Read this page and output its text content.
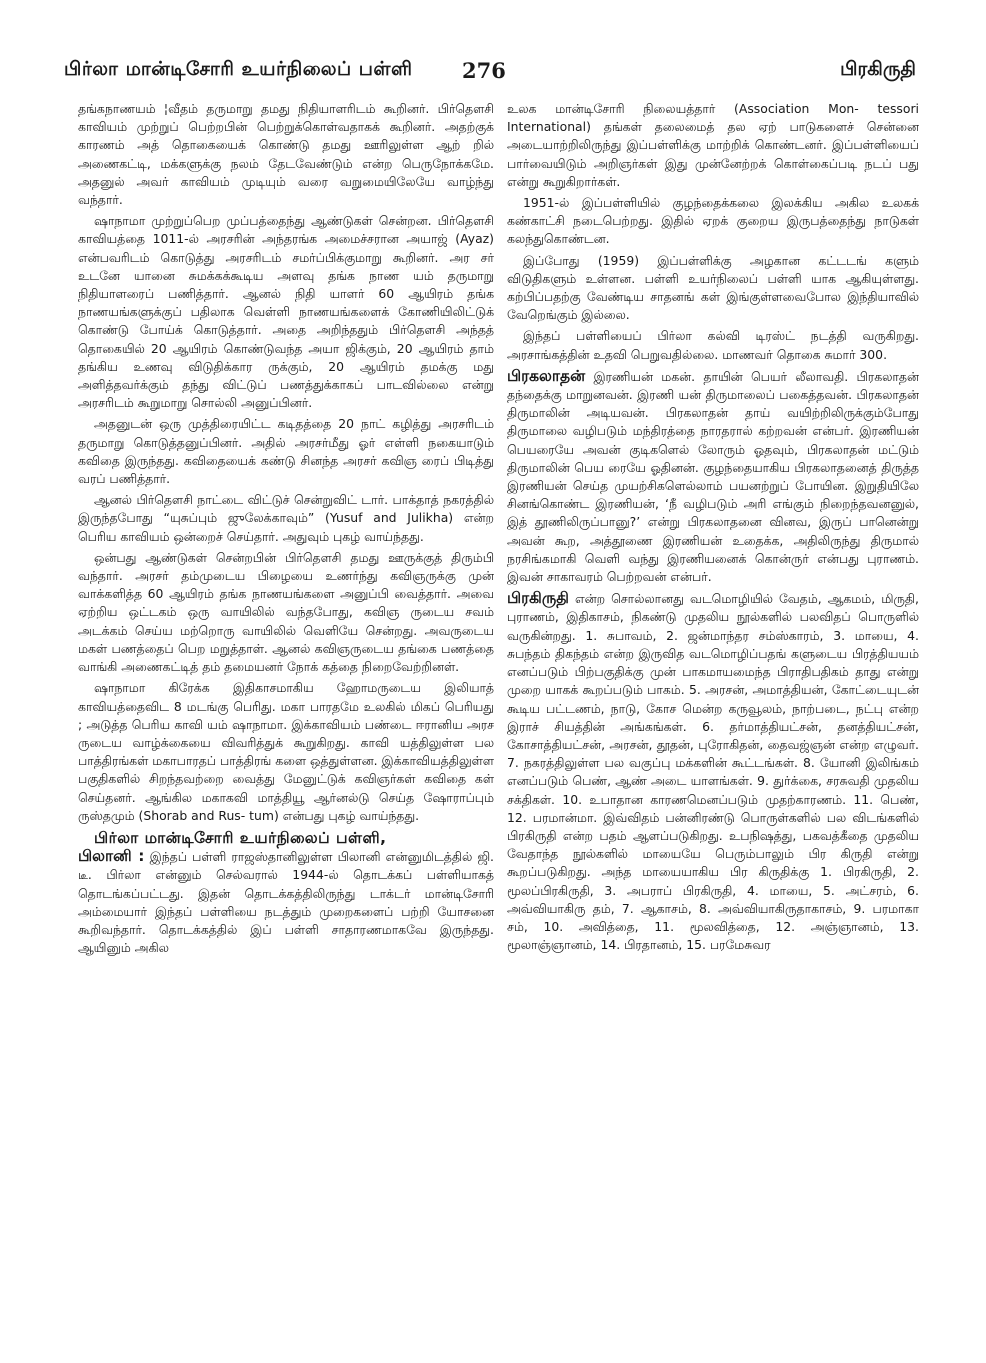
பிர்லா மான்டிசோரி உயர்நிலைப் பள்ளி 276	பிரகிருதி

தங்கநாணயம் ¦வீதம் தருமாறு தமது நிதியாளரிடம் கூறினர். பிர்தௌசி காவியம் முற்றுப் பெற்றபின் பெற்றுக்கொள்வதாகக் கூறினர். அதற்குக் காரணம் அத் தொகையைக் கொண்டு தமது ஊரிலுள்ள ஆற் றில் அணைகட்டி, மக்களுக்கு நலம் தேடவேண்டும் என்ற பெருநோக்கமே. அதனுல் அவர் காவியம் முடியும் வரை வறுமையிலேயே வாழ்ந்து வந்தார்.

ஷாநாமா முற்றுப்பெற முப்பத்தைந்து ஆண்டுகள் சென்றன. பிர்தௌசி காவியத்தை 1011-ல் அரசரின் அந்தரங்க அமைச்சரான அயாஜ் (Ayaz) என்பவரிடம் கொடுத்து அரசரிடம் சமர்ப்பிக்குமாறு கூறினர். அர சர் உடனே யானை சுமக்கக்கூடிய அளவு தங்க நாண யம் தருமாறு நிதியாளரைப் பணித்தார். ஆனல் நிதி யாளர் 60 ஆயிரம் தங்க நாணயங்களுக்குப் பதிலாக வெள்ளி நாணயங்களைக் கோணியிலிட்டுக் கொண்டு போய்க் கொடுத்தார். அதை அறிந்ததும் பிர்தௌசி அந்தத் தொகையில் 20 ஆயிரம் கொண்டுவந்த அயா ஜிக்கும், 20 ஆயிரம் தாம் தங்கிய உணவு விடுதிக்கார ருக்கும், 20 ஆயிரம் தமக்கு மது அளித்தவர்க்கும் தந்து விட்டுப் பணத்துக்காகப் பாடவில்லை என்று அரசரிடம் கூறுமாறு சொல்லி அனுப்பினர்.

அதனுடன் ஒரு முத்திரையிட்ட கடிதத்தை 20 நாட் கழித்து அரசரிடம் தருமாறு கொடுத்தனுப்பினர். அதில் அரசர்மீது ஓர் எள்ளி நகையாடும் கவிதை இருந்தது. கவிதையைக் கண்டு சினந்த அரசர் கவிஞ ரைப் பிடித்து வரப் பணித்தார்.

ஆனல் பிர்தௌசி நாட்டை விட்டுச் சென்றுவிட் டார். பாக்தாத் நகரத்தில் இருந்தபோது “யுசுப்பும் ஜுலேக்காவும்” (Yusuf and Julikha) என்ற பெரிய காவியம் ஒன்றைச் செய்தார். அதுவும் புகழ் வாய்ந்தது.

ஒன்பது ஆண்டுகள் சென்றபின் பிர்தௌசி தமது ஊருக்குத் திரும்பி வந்தார். அரசர் தம்முடைய பிழையை உணர்ந்து கவிஞருக்கு முன் வாக்களித்த 60 ஆயிரம் தங்க நாணயங்களை அனுப்பி வைத்தார். அவை ஏற்றிய ஒட்டகம் ஒரு வாயிலில் வந்தபோது, கவிஞ ருடைய சவம் அடக்கம் செய்ய மற்றொரு வாயிலில் வெளியே சென்றது. அவருடைய மகள் பணத்தைப் பெற மறுத்தாள். ஆனல் கவிஞருடைய தங்கை பணத்தை வாங்கி அணைகட்டித் தம் தமையனர் நோக் கத்தை நிறைவேற்றினள்.

ஷாநாமா கிரேக்க இதிகாசமாகிய ஹோமருடைய இலியாத் காவியத்தைவிட 8 மடங்கு பெரிது. மகா பாரதமே உலகில் மிகப் பெரியது ; அடுத்த பெரிய காவி யம் ஷாநாமா. இக்காவியம் பண்டை ஈரானிய அரச ருடைய வாழ்க்கையை விவரித்துக் கூறுகிறது. காவி யத்திலுள்ள பல பாத்திரங்கள் மகாபாரதப் பாத்திரங் களை ஒத்துள்ளன. இக்காவியத்திலுள்ள பகுதிகளில் சிறந்தவற்றை வைத்து மேனுட்டுக் கவிஞர்கள் கவிதை கள் செய்தனர். ஆங்கில மகாகவி மாத்தியூ ஆர்னல்டு செய்த ஷோராப்பும் ருஸ்தமும் (Shorab and Rus- tum) என்பது புகழ் வாய்ந்தது.

பிர்லா மான்டிசோரி உயர்நிலைப் பள்ளி,

பிலானி : இந்தப் பள்ளி ராஜஸ்தானிலுள்ள பிலானி என்னுமிடத்தில் ஜி. டீ. பிர்லா என்னும் செல்வரால் 1944-ல் தொடக்கப் பள்ளியாகத் தொடங்கப்பட்டது. இதன் தொடக்கத்திலிருந்து டாக்டர் மான்டிசோரி அம்மையார் இந்தப் பள்ளியை நடத்தும் முறைகளைப் பற்றி யோசனை கூறிவந்தார். தொடக்கத்தில் இப் பள்ளி சாதாரணமாகவே இருந்தது. ஆயினும் அகில

உலக மான்டிசோரி நிலையத்தார் (Association Mon- tessori International) தங்கள் தலைமைத் தல ஏற் பாடுகளைச் சென்னை அடையாற்றிலிருந்து இப்பள்ளிக்கு மாற்றிக் கொண்டனர். இப்பள்ளியைப் பார்வையிடும் அறிஞர்கள் இது முன்னேற்றக் கொள்கைப்படி நடப் பது என்று கூறுகிறார்கள்.

1951-ல் இப்பள்ளியில் குழந்தைக்கலை இலக்கிய அகில உலகக் கண்காட்சி நடைபெற்றது. இதில் ஏறக் குறைய இருபத்தைந்து நாடுகள் கலந்துகொண்டன.

இப்போது (1959) இப்பள்ளிக்கு அழகான கட்டடங் களும் விடுதிகளும் உள்ளன. பள்ளி உயர்நிலைப் பள்ளி யாக ஆகியுள்ளது. கற்பிப்பதற்கு வேண்டிய சாதனங் கள் இங்குள்ளவைபோல இந்தியாவில் வேறெங்கும் இல்லை.

இந்தப் பள்ளியைப் பிர்லா கல்வி டிரஸ்ட் நடத்தி வருகிறது. அரசாங்கத்தின் உதவி பெறுவதில்லை. மாணவர் தொகை சுமார் 300.

பிரகலாதன் இரணியன் மகன். தாயின் பெயர் லீலாவதி. பிரகலாதன் தந்தைக்கு மாறுனவன். இரணி யன் திருமாலைப் பகைத்தவன். பிரகலாதன் திருமாலின் அடியவன். பிரகலாதன் தாய் வயிற்றிலிருக்கும்போது திருமாலை வழிபடும் மந்திரத்தை நாரதரால் கற்றவன் என்பர். இரணியன் பெயரையே அவன் குடிகளெல் லோரும் ஓதவும், பிரகலாதன் மட்டும் திருமாலின் பெய ரையே ஓதினன். குழந்தையாகிய பிரகலாதனைத் திருத்த இரணியன் செய்த முயற்சிகளெல்லாம் பயனற்றுப் போயின. இறுதியிலே சினங்கொண்ட இரணியன், ‘நீ வழிபடும் அரி எங்கும் நிறைந்தவனனுல், இத் தூணிலிருப்பானு?’ என்று பிரகலாதனை வினவ, இருப் பானென்று அவன் கூற, அத்தூணை இரணியன் உதைக்க, அதிலிருந்து திருமால் நரசிங்கமாகி வெளி வந்து இரணியனைக் கொன்ருர் என்பது புராணம். இவன் சாகாவரம் பெற்றவன் என்பர்.

பிரகிருதி என்ற சொல்லானது வடமொழியில் வேதம், ஆகமம், மிருதி, புராணம், இதிகாசம், நிகண்டு முதலிய நூல்களில் பலவிதப் பொருளில் வருகின்றது. 1. சுபாவம், 2. ஜன்மாந்தர சம்ஸ்காரம், 3. மாயை, 4. சுபந்தம் திகந்தம் என்ற இருவித வடமொழிப்பதங் களுடைய பிரத்தியயம் எனப்படும் பிற்பகுதிக்கு முன் பாகமாயமைந்த பிராதிபதிகம் தாது என்று முறை யாகக் கூறப்படும் பாகம். 5. அரசன், அமாத்தியன், கோட்டையுடன் கூடிய பட்டணம், நாடு, கோச மென்ற கருவூலம், நாற்படை, நட்பு என்ற இராச் சியத்தின் அங்கங்கள். 6. தர்மாத்தியட்சன், தனத்தியட்சன், கோசாத்தியட்சன், அரசன், தூதன், புரோகிதன், தைவஜ்ஞன் என்ற எழுவர். 7. நகரத்திலுள்ள பல வகுப்பு மக்களின் கூட்டங்கள். 8. யோனி இலிங்கம் எனப்படும் பெண், ஆண் அடை யாளங்கள். 9. துர்க்கை, சரசுவதி முதலிய சக்திகள். 10. உபாதான காரணமெனப்படும் முதற்காரணம். 11. பெண், 12. பரமான்மா. இவ்விதம் பன்னிரண்டு பொருள்களில் பல விடங்களில் பிரகிருதி என்ற பதம் ஆளப்படுகிறது. உபநிஷத்து, பகவத்கீதை முதலிய வேதாந்த நூல்களில் மாயையே பெரும்பாலும் பிர கிருதி என்று கூறப்படுகிறது. அந்த மாயையாகிய பிர கிருதிக்கு 1. பிரகிருதி, 2. மூலப்பிரகிருதி, 3. அபராப் பிரகிருதி, 4. மாயை, 5. அட்சரம், 6. அவ்வியாகிரு தம், 7. ஆகாசம், 8. அவ்வியாகிருதாகாசம், 9. பரமாகா சம், 10. அவித்தை, 11. மூலவித்தை, 12. அஞ்ஞானம், 13. மூலாஞ்ஞானம், 14. பிரதானம், 15. பரமேசுவர
